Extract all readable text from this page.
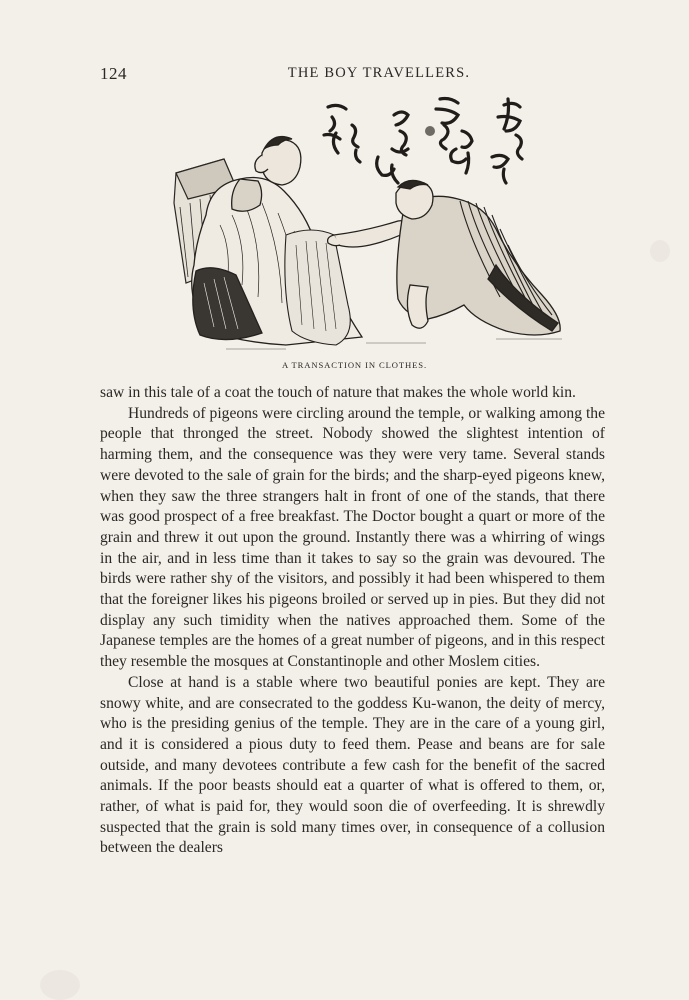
124	THE BOY TRAVELLERS.
A TRANSACTION IN CLOTHES.

saw in this tale of a coat the touch of nature that makes the whole world kin.

Hundreds of pigeons were circling around the temple, or walking among the people that thronged the street. Nobody showed the slightest intention of harming them, and the consequence was they were very tame. Several stands were devoted to the sale of grain for the birds; and the sharp-eyed pigeons knew, when they saw the three strangers halt in front of one of the stands, that there was good prospect of a free breakfast. The Doctor bought a quart or more of the grain and threw it out upon the ground. Instantly there was a whirring of wings in the air, and in less time than it takes to say so the grain was devoured. The birds were rather shy of the visitors, and possibly it had been whispered to them that the foreigner likes his pigeons broiled or served up in pies. But they did not display any such timidity when the natives approached them. Some of the Japanese temples are the homes of a great number of pigeons, and in this respect they resemble the mosques at Constantinople and other Moslem cities.

Close at hand is a stable where two beautiful ponies are kept. They are snowy white, and are consecrated to the goddess Ku-wanon, the deity of mercy, who is the presiding genius of the temple. They are in the care of a young girl, and it is considered a pious duty to feed them. Pease and beans are for sale outside, and many devotees contribute a few cash for the benefit of the sacred animals. If the poor beasts should eat a quarter of what is offered to them, or, rather, of what is paid for, they would soon die of overfeeding. It is shrewdly suspected that the grain is sold many times over, in consequence of a collusion between the dealers
